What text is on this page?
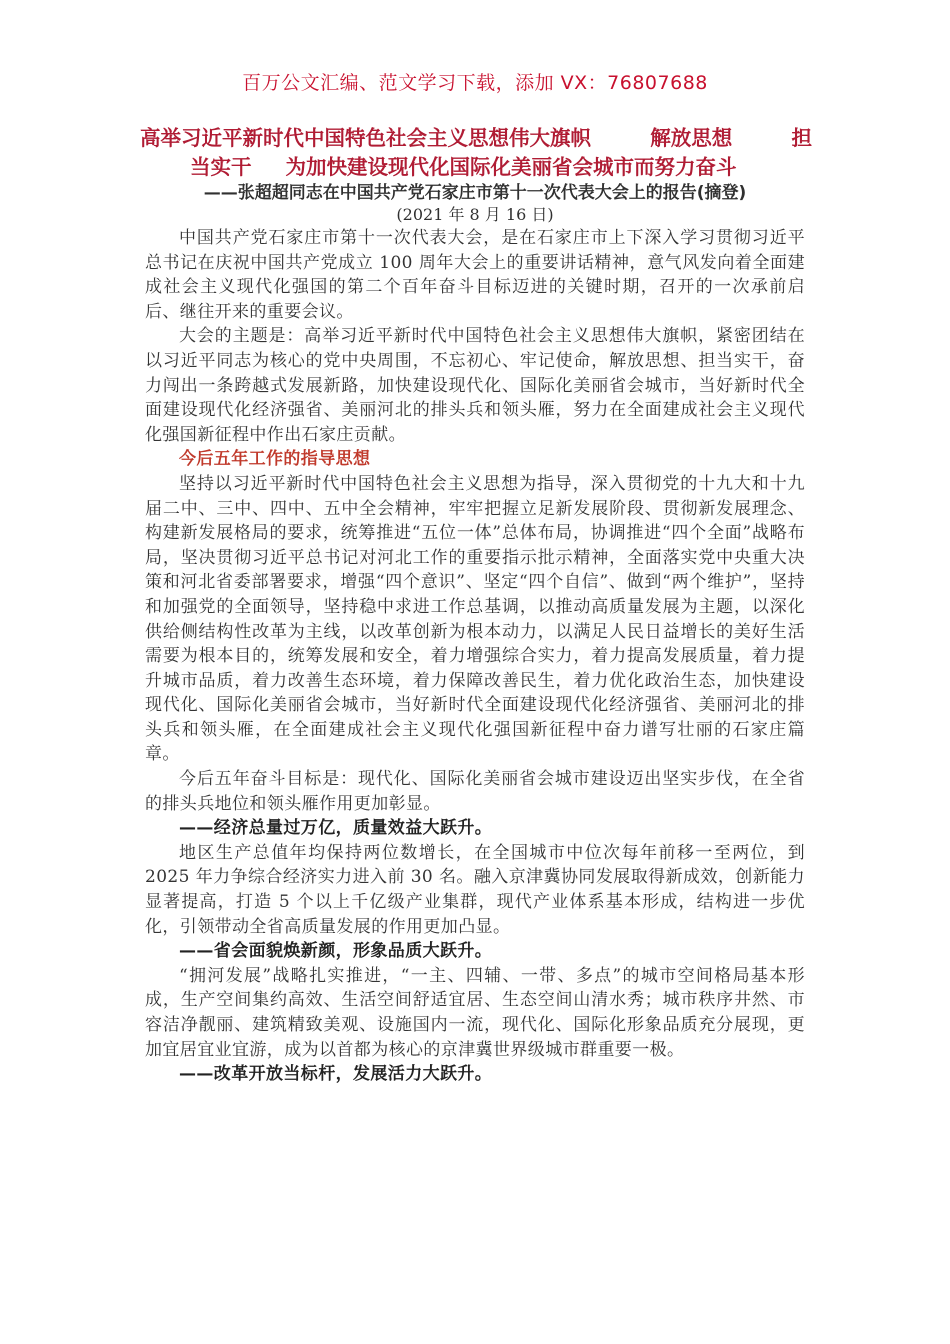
百万公文汇编、范文学习下载，添加 VX：76807688
高举习近平新时代中国特色社会主义思想伟大旗帜	解放思想	担
当实干 为加快建设现代化国际化美丽省会城市而努力奋斗
——张超超同志在中国共产党石家庄市第十一次代表大会上的报告(摘登)
(2021 年 8 月 16 日)

中国共产党石家庄市第十一次代表大会，是在石家庄市上下深入学习贯彻习近平总书记在庆祝中国共产党成立 100 周年大会上的重要讲话精神，意气风发向着全面建成社会主义现代化强国的第二个百年奋斗目标迈进的关键时期，召开的一次承前启后、继往开来的重要会议。

大会的主题是：高举习近平新时代中国特色社会主义思想伟大旗帜，紧密团结在以习近平同志为核心的党中央周围，不忘初心、牢记使命，解放思想、担当实干，奋力闯出一条跨越式发展新路，加快建设现代化、国际化美丽省会城市，当好新时代全面建设现代化经济强省、美丽河北的排头兵和领头雁，努力在全面建成社会主义现代化强国新征程中作出石家庄贡献。

今后五年工作的指导思想

坚持以习近平新时代中国特色社会主义思想为指导，深入贯彻党的十九大和十九届二中、三中、四中、五中全会精神，牢牢把握立足新发展阶段、贯彻新发展理念、构建新发展格局的要求，统筹推进“五位一体”总体布局，协调推进“四个全面”战略布局，坚决贯彻习近平总书记对河北工作的重要指示批示精神，全面落实党中央重大决策和河北省委部署要求，增强“四个意识”、坚定“四个自信”、做到“两个维护”，坚持和加强党的全面领导，坚持稳中求进工作总基调，以推动高质量发展为主题，以深化供给侧结构性改革为主线，以改革创新为根本动力，以满足人民日益增长的美好生活需要为根本目的，统筹发展和安全，着力增强综合实力，着力提高发展质量，着力提升城市品质，着力改善生态环境，着力保障改善民生，着力优化政治生态，加快建设现代化、国际化美丽省会城市，当好新时代全面建设现代化经济强省、美丽河北的排头兵和领头雁，在全面建成社会主义现代化强国新征程中奋力谱写壮丽的石家庄篇章。

今后五年奋斗目标是：现代化、国际化美丽省会城市建设迈出坚实步伐，在全省的排头兵地位和领头雁作用更加彰显。

——经济总量过万亿，质量效益大跃升。

地区生产总值年均保持两位数增长，在全国城市中位次每年前移一至两位，到 2025 年力争综合经济实力进入前 30 名。融入京津冀协同发展取得新成效，创新能力显著提高，打造 5 个以上千亿级产业集群，现代产业体系基本形成，结构进一步优化，引领带动全省高质量发展的作用更加凸显。

——省会面貌焕新颜，形象品质大跃升。

“拥河发展”战略扎实推进，“一主、四辅、一带、多点”的城市空间格局基本形成，生产空间集约高效、生活空间舒适宜居、生态空间山清水秀；城市秩序井然、市容洁净靓丽、建筑精致美观、设施国内一流，现代化、国际化形象品质充分展现，更加宜居宜业宜游，成为以首都为核心的京津冀世界级城市群重要一极。

——改革开放当标杆，发展活力大跃升。
